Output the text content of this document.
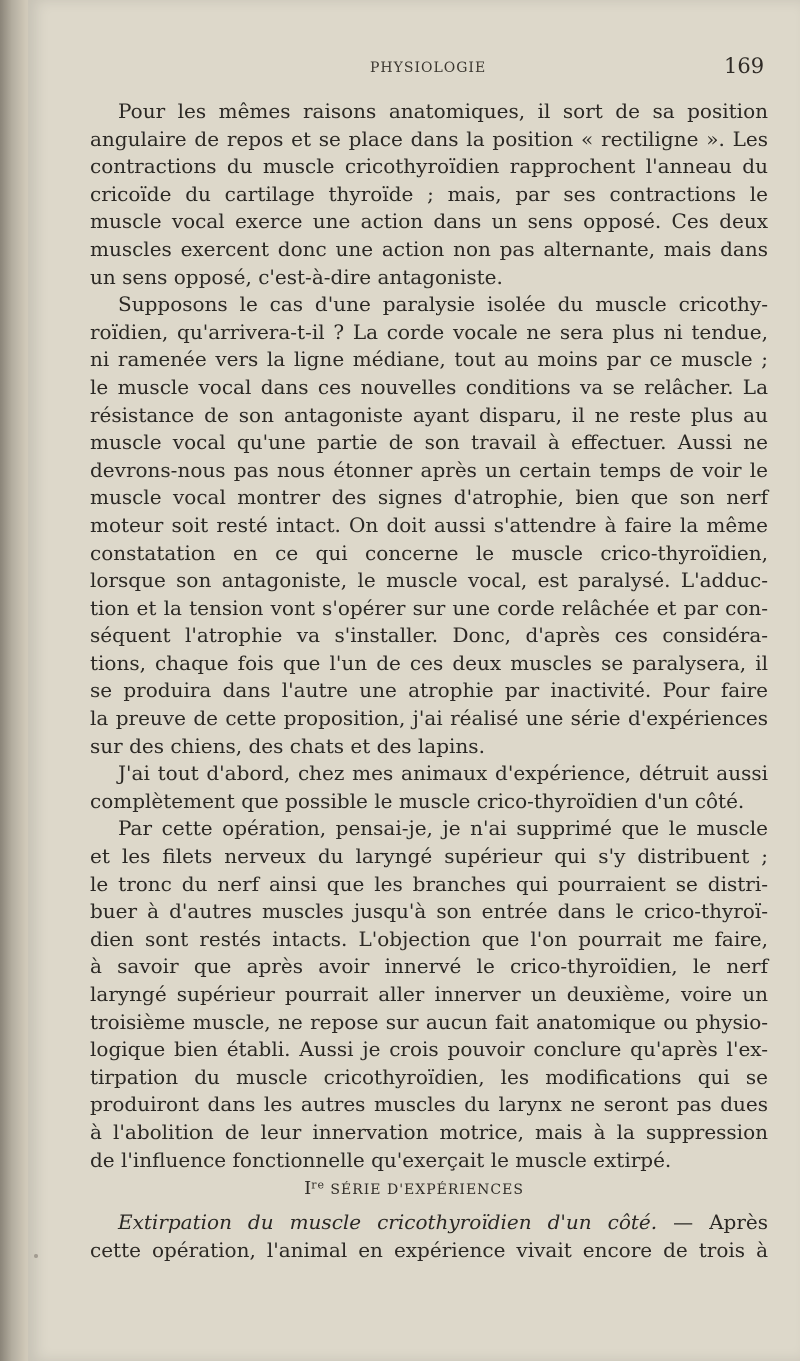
PHYSIOLOGIE	169
Pour les mêmes raisons anatomiques, il sort de sa position
angulaire de repos et se place dans la position « rectiligne ». Les
contractions du muscle cricothyroïdien rapprochent l'anneau du
cricoïde du cartilage thyroïde ; mais, par ses contractions le
muscle vocal exerce une action dans un sens opposé. Ces deux
muscles exercent donc une action non pas alternante, mais dans
un sens opposé, c'est-à-dire antagoniste.
Supposons le cas d'une paralysie isolée du muscle cricothy-
roïdien, qu'arrivera-t-il ? La corde vocale ne sera plus ni tendue,
ni ramenée vers la ligne médiane, tout au moins par ce muscle ;
le muscle vocal dans ces nouvelles conditions va se relâcher. La
résistance de son antagoniste ayant disparu, il ne reste plus au
muscle vocal qu'une partie de son travail à effectuer. Aussi ne
devrons-nous pas nous étonner après un certain temps de voir le
muscle vocal montrer des signes d'atrophie, bien que son nerf
moteur soit resté intact. On doit aussi s'attendre à faire la même
constatation en ce qui concerne le muscle crico-thyroïdien,
lorsque son antagoniste, le muscle vocal, est paralysé. L'adduc-
tion et la tension vont s'opérer sur une corde relâchée et par con-
séquent l'atrophie va s'installer. Donc, d'après ces considéra-
tions, chaque fois que l'un de ces deux muscles se paralysera, il
se produira dans l'autre une atrophie par inactivité. Pour faire
la preuve de cette proposition, j'ai réalisé une série d'expériences
sur des chiens, des chats et des lapins.
J'ai tout d'abord, chez mes animaux d'expérience, détruit aussi
complètement que possible le muscle crico-thyroïdien d'un côté.
Par cette opération, pensai-je, je n'ai supprimé que le muscle
et les filets nerveux du laryngé supérieur qui s'y distribuent ;
le tronc du nerf ainsi que les branches qui pourraient se distri-
buer à d'autres muscles jusqu'à son entrée dans le crico-thyroï-
dien sont restés intacts. L'objection que l'on pourrait me faire,
à savoir que après avoir innervé le crico-thyroïdien, le nerf
laryngé supérieur pourrait aller innerver un deuxième, voire un
troisième muscle, ne repose sur aucun fait anatomique ou physio-
logique bien établi. Aussi je crois pouvoir conclure qu'après l'ex-
tirpation du muscle cricothyroïdien, les modifications qui se
produiront dans les autres muscles du larynx ne seront pas dues
à l'abolition de leur innervation motrice, mais à la suppression
de l'influence fonctionnelle qu'exerçait le muscle extirpé.
Ire SÉRIE D'EXPÉRIENCES
Extirpation du muscle cricothyroïdien d'un côté. — Après
cette opération, l'animal en expérience vivait encore de trois à
